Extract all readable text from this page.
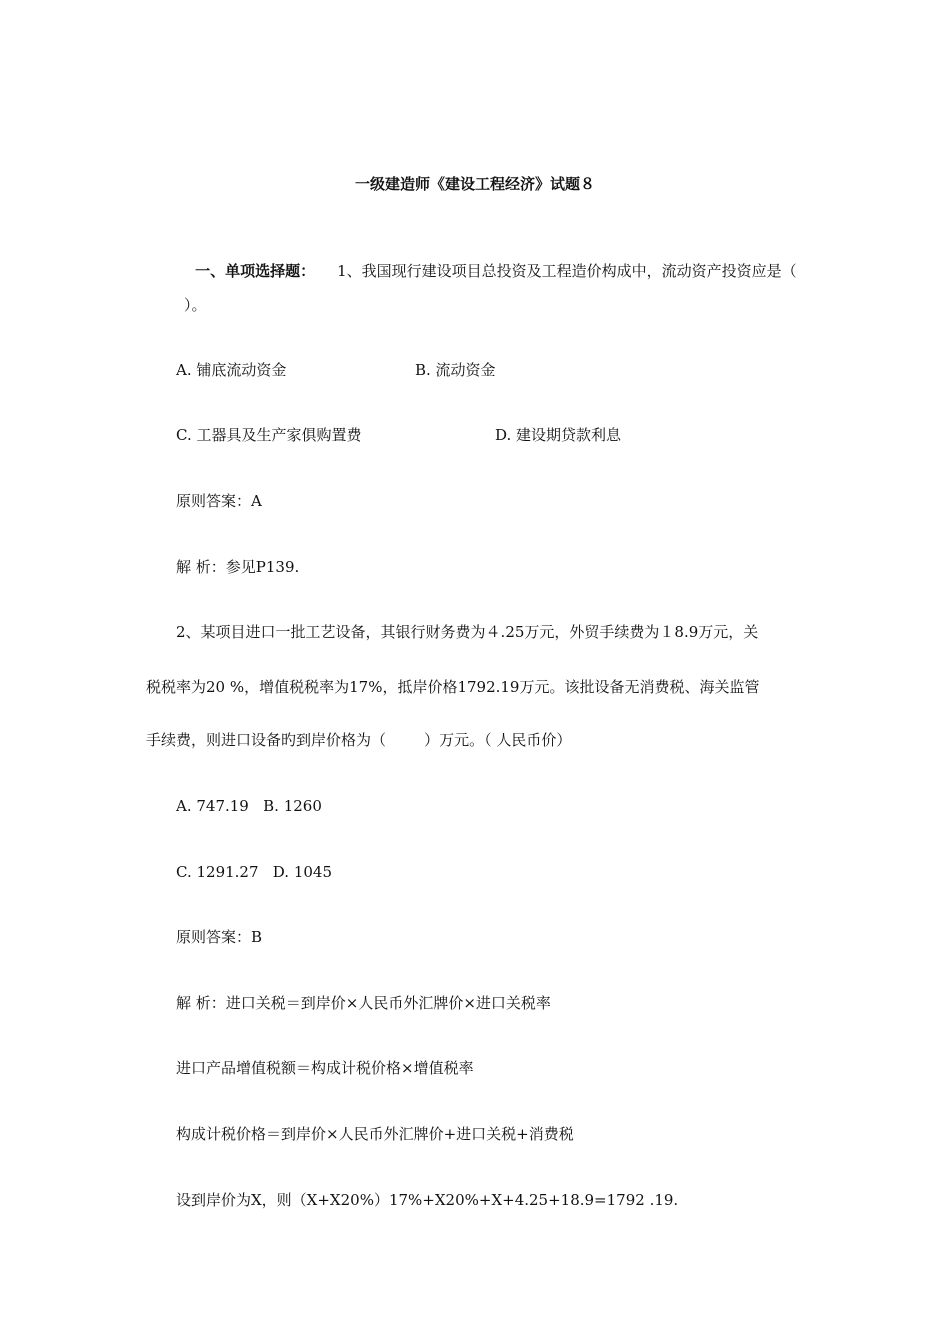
一级建造师《建设工程经济》试题８

一、单项选择题： 1、我国现行建设项目总投资及工程造价构成中，流动资产投资应是（

）。
A. 铺底流动资金	B. 流动资金
C. 工器具及生产家俱购置费	D. 建设期贷款利息
原则答案：A
解 析：参见P139.
2、某项目进口一批工艺设备，其银行财务费为４.25万元，外贸手续费为１8.9万元，关
税税率为20 %，增值税税率为17%，抵岸价格1792.19万元。该批设备无消费税、海关监管
手续费，则进口设备旳到岸价格为（        ）万元。（ 人民币价）
A. 747.19   B. 1260
C. 1291.27   D. 1045
原则答案：B
解 析：进口关税＝到岸价×人民币外汇牌价×进口关税率
进口产品增值税额＝构成计税价格×增值税率
构成计税价格＝到岸价×人民币外汇牌价+进口关税+消费税
设到岸价为X，则（X+X20%）17%+X20%+X+4.25+18.9=1792 .19.
